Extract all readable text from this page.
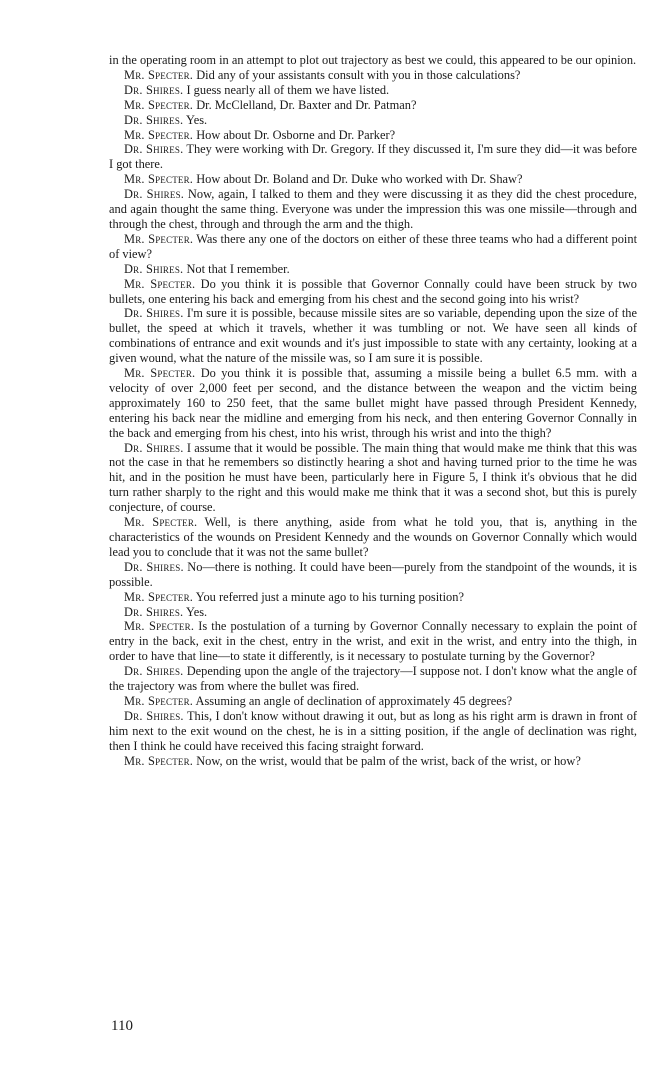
in the operating room in an attempt to plot out trajectory as best we could, this appeared to be our opinion.

Mr. Specter. Did any of your assistants consult with you in those calculations?

Dr. Shires. I guess nearly all of them we have listed.

Mr. Specter. Dr. McClelland, Dr. Baxter and Dr. Patman?

Dr. Shires. Yes.

Mr. Specter. How about Dr. Osborne and Dr. Parker?

Dr. Shires. They were working with Dr. Gregory. If they discussed it, I'm sure they did—it was before I got there.

Mr. Specter. How about Dr. Boland and Dr. Duke who worked with Dr. Shaw?

Dr. Shires. Now, again, I talked to them and they were discussing it as they did the chest procedure, and again thought the same thing. Everyone was under the impression this was one missile—through and through the chest, through and through the arm and the thigh.

Mr. Specter. Was there any one of the doctors on either of these three teams who had a different point of view?

Dr. Shires. Not that I remember.

Mr. Specter. Do you think it is possible that Governor Connally could have been struck by two bullets, one entering his back and emerging from his chest and the second going into his wrist?

Dr. Shires. I'm sure it is possible, because missile sites are so variable, depending upon the size of the bullet, the speed at which it travels, whether it was tumbling or not. We have seen all kinds of combinations of entrance and exit wounds and it's just impossible to state with any certainty, looking at a given wound, what the nature of the missile was, so I am sure it is possible.

Mr. Specter. Do you think it is possible that, assuming a missile being a bullet 6.5 mm. with a velocity of over 2,000 feet per second, and the distance between the weapon and the victim being approximately 160 to 250 feet, that the same bullet might have passed through President Kennedy, entering his back near the midline and emerging from his neck, and then entering Governor Connally in the back and emerging from his chest, into his wrist, through his wrist and into the thigh?

Dr. Shires. I assume that it would be possible. The main thing that would make me think that this was not the case in that he remembers so distinctly hearing a shot and having turned prior to the time he was hit, and in the position he must have been, particularly here in Figure 5, I think it's obvious that he did turn rather sharply to the right and this would make me think that it was a second shot, but this is purely conjecture, of course.

Mr. Specter. Well, is there anything, aside from what he told you, that is, anything in the characteristics of the wounds on President Kennedy and the wounds on Governor Connally which would lead you to conclude that it was not the same bullet?

Dr. Shires. No—there is nothing. It could have been—purely from the standpoint of the wounds, it is possible.

Mr. Specter. You referred just a minute ago to his turning position?

Dr. Shires. Yes.

Mr. Specter. Is the postulation of a turning by Governor Connally necessary to explain the point of entry in the back, exit in the chest, entry in the wrist, and exit in the wrist, and entry into the thigh, in order to have that line—to state it differently, is it necessary to postulate turning by the Governor?

Dr. Shires. Depending upon the angle of the trajectory—I suppose not. I don't know what the angle of the trajectory was from where the bullet was fired.

Mr. Specter. Assuming an angle of declination of approximately 45 degrees?

Dr. Shires. This, I don't know without drawing it out, but as long as his right arm is drawn in front of him next to the exit wound on the chest, he is in a sitting position, if the angle of declination was right, then I think he could have received this facing straight forward.

Mr. Specter. Now, on the wrist, would that be palm of the wrist, back of the wrist, or how?

110
